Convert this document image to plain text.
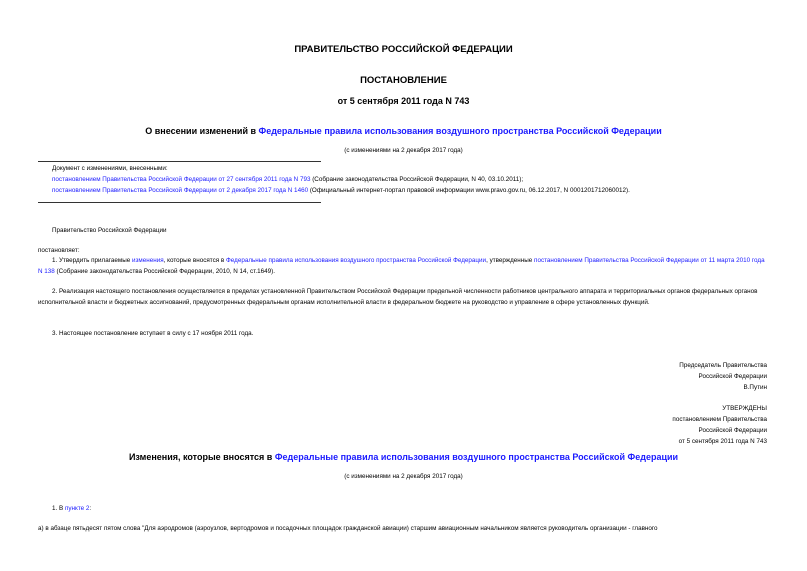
ПРАВИТЕЛЬСТВО РОССИЙСКОЙ ФЕДЕРАЦИИ
ПОСТАНОВЛЕНИЕ
от 5 сентября 2011 года N 743
О внесении изменений в Федеральные правила использования воздушного пространства Российской Федерации
(с изменениями на 2 декабря 2017 года)

Документ с изменениями, внесенными:

постановлением Правительства Российской Федерации от 27 сентября 2011 года N 793 (Собрание законодательства Российской Федерации, N 40, 03.10.2011);

постановлением Правительства Российской Федерации от 2 декабря 2017 года N 1460 (Официальный интернет-портал правовой информации www.pravo.gov.ru, 06.12.2017, N 0001201712060012).

Правительство Российской Федерации
постановляет:
1. Утвердить прилагаемые изменения, которые вносятся в Федеральные правила использования воздушного пространства Российской Федерации, утвержденные постановлением Правительства Российской Федерации от 11 марта 2010 года N 138 (Собрание законодательства Российской Федерации, 2010, N 14, ст.1649).
2. Реализация настоящего постановления осуществляется в пределах установленной Правительством Российской Федерации предельной численности работников центрального аппарата и территориальных органов федеральных органов исполнительной власти и бюджетных ассигнований, предусмотренных федеральным органам исполнительной власти в федеральном бюджете на руководство и управление в сфере установленных функций.
3. Настоящее постановление вступает в силу с 17 ноября 2011 года.

Председатель Правительства

Российской Федерации

В.Путин

УТВЕРЖДЕНЫ

постановлением Правительства

Российской Федерации

от 5 сентября 2011 года N 743

Изменения, которые вносятся в Федеральные правила использования воздушного пространства Российской Федерации
(с изменениями на 2 декабря 2017 года)
1. В пункте 2:
а) в абзаце пятьдесят пятом слова "Для аэродромов (аэроузлов, вертодромов и посадочных площадок гражданской авиации) старшим авиационным начальником является руководитель организации - главного
